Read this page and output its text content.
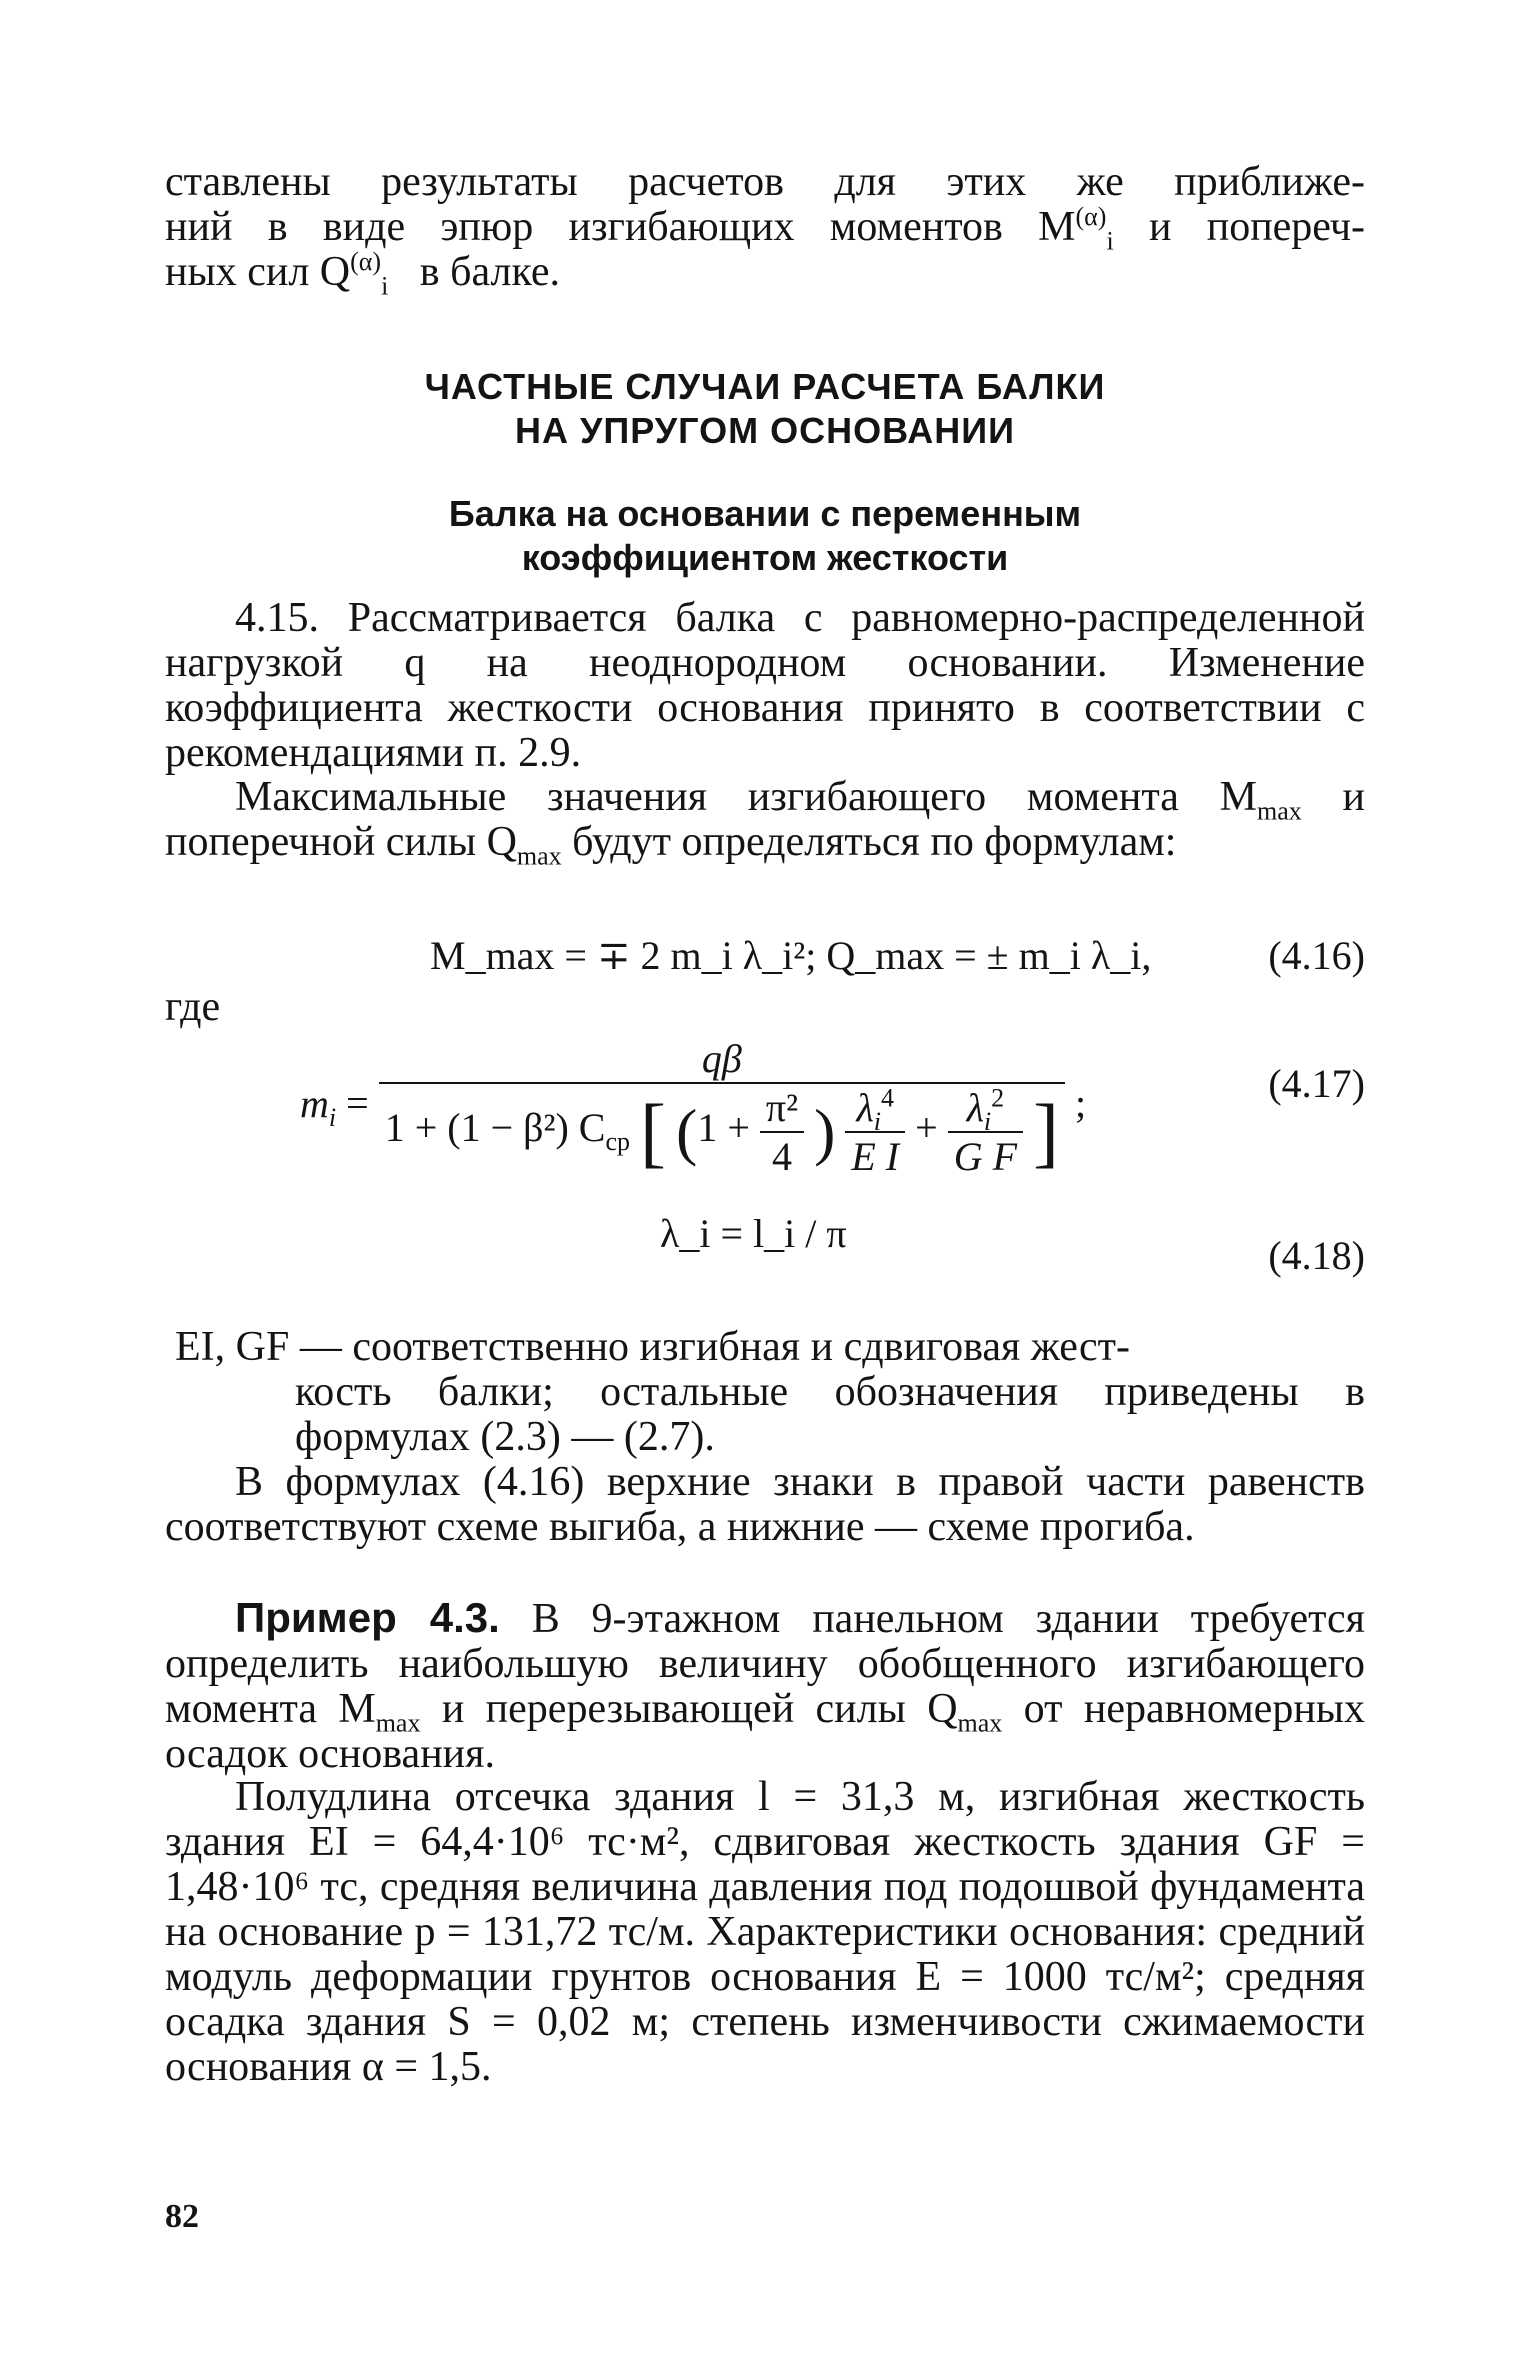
ставлены результаты расчетов для этих же приближе-

ний в виде эпюр изгибающих моментов $M^{(\alpha)}_i$ и попереч-

ных сил $Q^{(\alpha)}_i$ в балке.

ЧАСТНЫЕ СЛУЧАИ РАСЧЕТА БАЛКИ

НА УПРУГОМ ОСНОВАНИИ

Балка на основании с переменным

коэффициентом жесткости

4.15. Рассматривается балка с равномерно-распределенной нагрузкой q на неоднородном основании. Изменение коэффициента жесткости основания принято в соответствии с рекомендациями п. 2.9.

Максимальные значения изгибающего момента $M_{max}$ и поперечной силы $Q_{max}$ будут определяться по формулам:

M_max = ∓ 2 m_i λ_i²; Q_max = ± m_i λ_i,	(4.16)
где
$m_i$ =
qβ
1 + (1 − β²) $C_{ср}$ [ ($1 + \frac{\text{π²}}{4}$ ) $\frac{\lambda_i^4}{\text{E I}} + \frac{\lambda_i^2}{\text{G F}}$ ] ;	(4.17)
λ_i = l_i / π	(4.18)
EI, GF — соответственно изгибная и сдвиговая жест-
кость балки; остальные обозначения приведены в формулах (2.3) — (2.7).

В формулах (4.16) верхние знаки в правой части равенств соответствуют схеме выгиба, а нижние — схеме прогиба.

Пример 4.3. В 9-этажном панельном здании требуется определить наибольшую величину обобщенного изгибающего момента $M_{max}$ и перерезывающей силы $Q_{max}$ от неравномерных осадок основания.

Полудлина отсечка здания l = 31,3 м, изгибная жесткость здания EI = 64,4·10⁶ тс·м², сдвиговая жесткость здания GF = 1,48·10⁶ тс, средняя величина давления под подошвой фундамента на основание p = 131,72 тс/м. Характеристики основания: средний модуль деформации грунтов основания E = 1000 тс/м²; средняя осадка здания S = 0,02 м; степень изменчивости сжимаемости основания α = 1,5.

82
